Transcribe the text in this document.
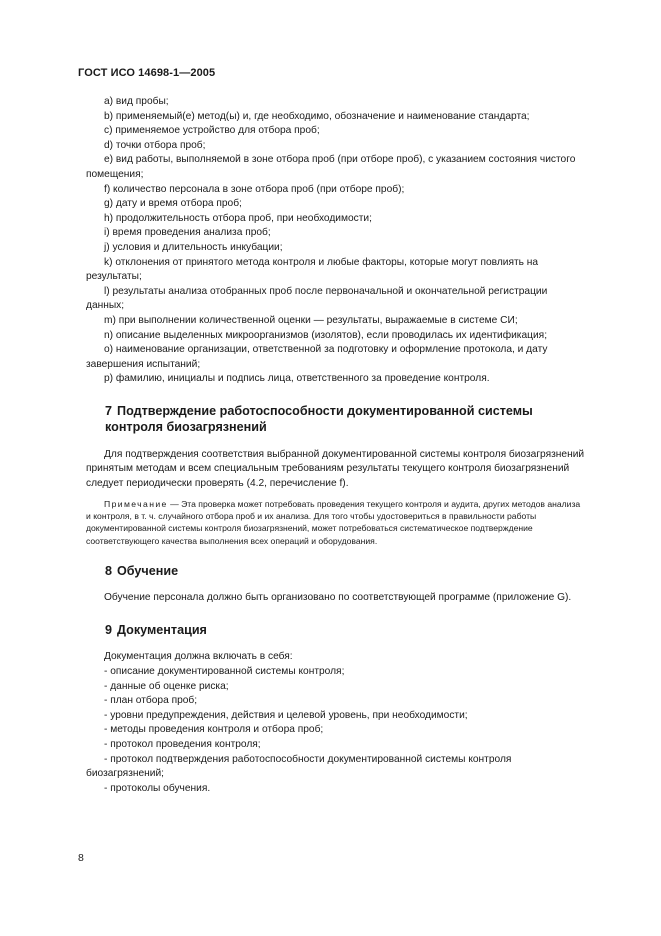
ГОСТ ИСО 14698-1—2005
a) вид пробы;
b) применяемый(е) метод(ы) и, где необходимо, обозначение и наименование стандарта;
c) применяемое устройство для отбора проб;
d) точки отбора проб;
e) вид работы, выполняемой в зоне отбора проб (при отборе проб), с указанием состояния чистого помещения;
f) количество персонала в зоне отбора проб (при отборе проб);
g) дату и время отбора проб;
h) продолжительность отбора проб, при необходимости;
i) время проведения анализа проб;
j) условия и длительность инкубации;
k) отклонения от принятого метода контроля и любые факторы, которые могут повлиять на результаты;
l) результаты анализа отобранных проб после первоначальной и окончательной регистрации данных;
m) при выполнении количественной оценки — результаты, выражаемые в системе СИ;
n) описание выделенных микроорганизмов (изолятов), если проводилась их идентификация;
o) наименование организации, ответственной за подготовку и оформление протокола, и дату завершения испытаний;
p) фамилию, инициалы и подпись лица, ответственного за проведение контроля.
7 Подтверждение работоспособности документированной системы
контроля биозагрязнений
Для подтверждения соответствия выбранной документированной системы контроля биозагрязнений принятым методам и всем специальным требованиям результаты текущего контроля биозагрязнений следует периодически проверять (4.2, перечисление f).
Примечание — Эта проверка может потребовать проведения текущего контроля и аудита, других методов анализа и контроля, в т. ч. случайного отбора проб и их анализа. Для того чтобы удостовериться в правильности работы документированной системы контроля биозагрязнений, может потребоваться систематическое подтверждение соответствующего качества выполнения всех операций и оборудования.
8 Обучение
Обучение персонала должно быть организовано по соответствующей программе (приложение G).
9 Документация
Документация должна включать в себя:
- описание документированной системы контроля;
- данные об оценке риска;
- план отбора проб;
- уровни предупреждения, действия и целевой уровень, при необходимости;
- методы проведения контроля и отбора проб;
- протокол проведения контроля;
- протокол подтверждения работоспособности документированной системы контроля биозагрязнений;
- протоколы обучения.
8
